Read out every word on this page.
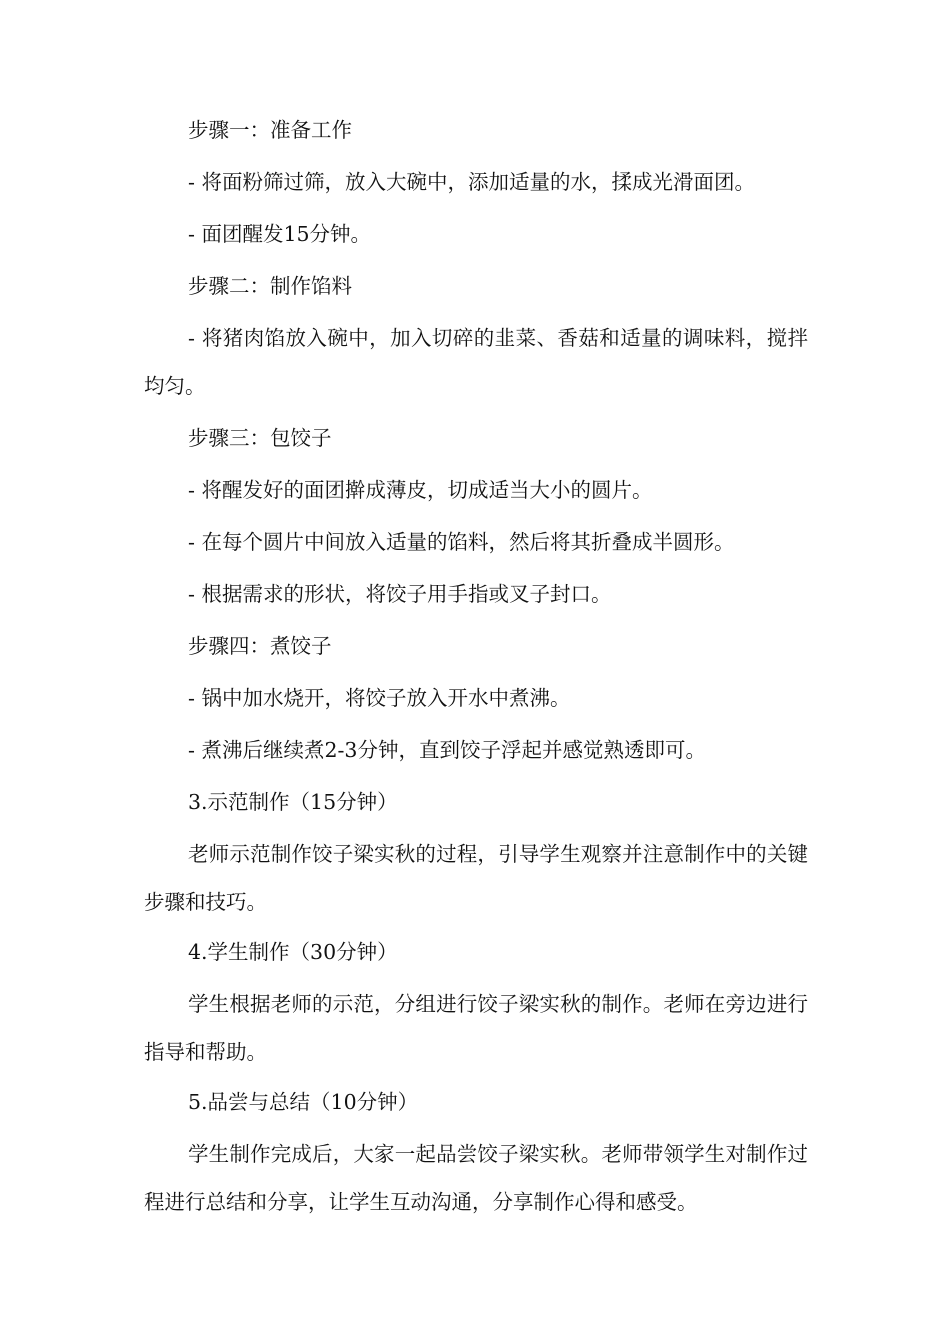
步骤一：准备工作

- 将面粉筛过筛，放入大碗中，添加适量的水，揉成光滑面团。

- 面团醒发15分钟。

步骤二：制作馅料

- 将猪肉馅放入碗中，加入切碎的韭菜、香菇和适量的调味料，搅拌均匀。

步骤三：包饺子

- 将醒发好的面团擀成薄皮，切成适当大小的圆片。

- 在每个圆片中间放入适量的馅料，然后将其折叠成半圆形。

- 根据需求的形状，将饺子用手指或叉子封口。

步骤四：煮饺子

- 锅中加水烧开，将饺子放入开水中煮沸。

- 煮沸后继续煮2-3分钟，直到饺子浮起并感觉熟透即可。

3.示范制作（15分钟）

老师示范制作饺子梁实秋的过程，引导学生观察并注意制作中的关键步骤和技巧。

4.学生制作（30分钟）

学生根据老师的示范，分组进行饺子梁实秋的制作。老师在旁边进行指导和帮助。

5.品尝与总结（10分钟）

学生制作完成后，大家一起品尝饺子梁实秋。老师带领学生对制作过程进行总结和分享，让学生互动沟通，分享制作心得和感受。
